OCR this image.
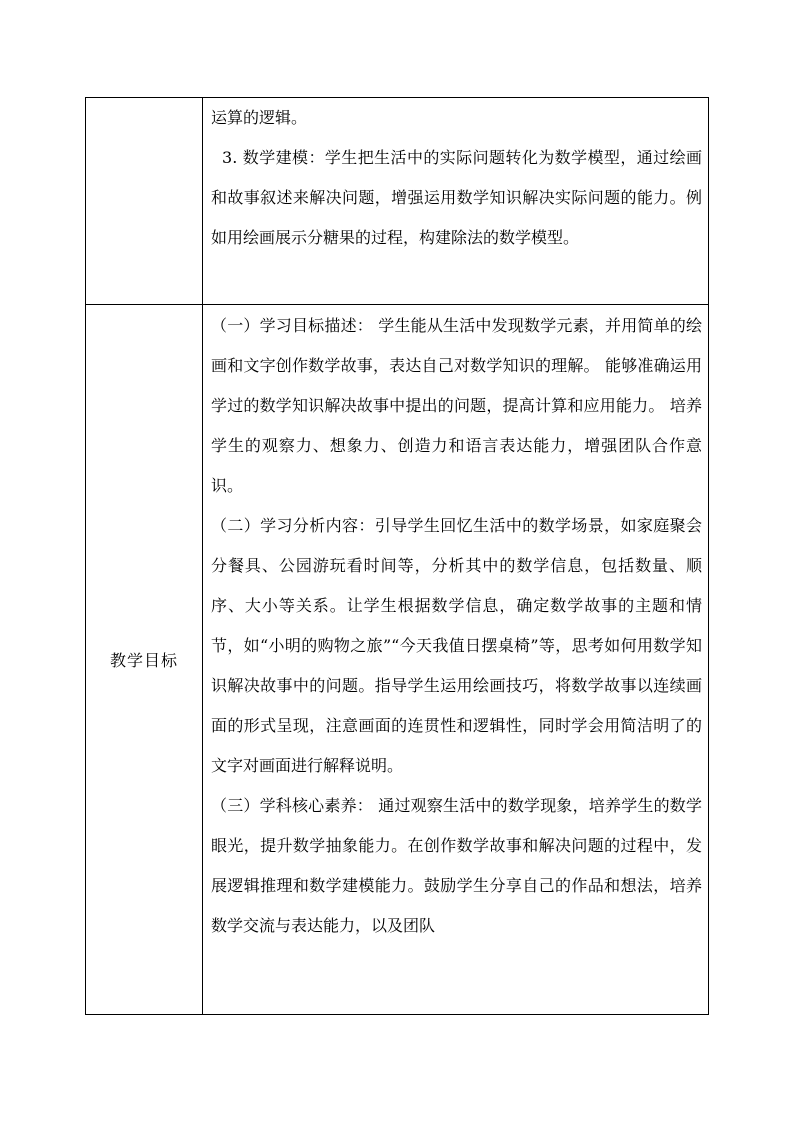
	运算的逻辑。

3. 数学建模：学生把生活中的实际问题转化为数学模型，通过绘画和故事叙述来解决问题，增强运用数学知识解决实际问题的能力。例如用绘画展示分糖果的过程，构建除法的数学模型。

教学目标	（一）学习目标描述： 学生能从生活中发现数学元素，并用简单的绘画和文字创作数学故事，表达自己对数学知识的理解。 能够准确运用学过的数学知识解决故事中提出的问题，提高计算和应用能力。 培养学生的观察力、想象力、创造力和语言表达能力，增强团队合作意识。

（二）学习分析内容：引导学生回忆生活中的数学场景，如家庭聚会分餐具、公园游玩看时间等，分析其中的数学信息，包括数量、顺序、大小等关系。让学生根据数学信息，确定数学故事的主题和情节，如“小明的购物之旅”“今天我值日摆桌椅”等，思考如何用数学知识解决故事中的问题。指导学生运用绘画技巧，将数学故事以连续画面的形式呈现，注意画面的连贯性和逻辑性，同时学会用简洁明了的文字对画面进行解释说明。

（三）学科核心素养： 通过观察生活中的数学现象，培养学生的数学眼光，提升数学抽象能力。在创作数学故事和解决问题的过程中，发展逻辑推理和数学建模能力。鼓励学生分享自己的作品和想法，培养数学交流与表达能力，以及团队
